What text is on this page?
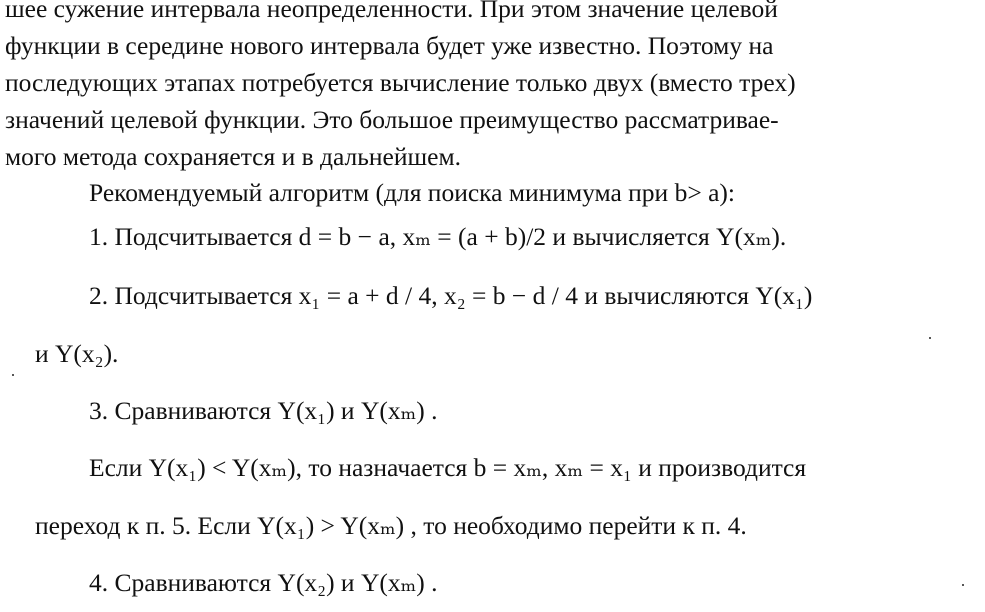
шее сужение интервала неопределенности. При этом значение целевой
функции в середине нового интервала будет уже известно. Поэтому на
последующих этапах потребуется вычисление только двух (вместо трех)
значений целевой функции. Это большое преимущество рассматривае-
мого метода сохраняется и в дальнейшем.
Рекомендуемый алгоритм (для поиска минимума при b> a):
1. Подсчитывается d = b − a, xₘ = (a + b)/2 и вычисляется Y(xₘ).
2. Подсчитывается x₁ = a + d / 4, x₂ = b − d / 4 и вычисляются Y(x₁)
и Y(x₂).
3. Сравниваются Y(x₁) и Y(xₘ) .
Если Y(x₁) < Y(xₘ), то назначается b = xₘ, xₘ = x₁ и производится
переход к п. 5. Если Y(x₁) > Y(xₘ) , то необходимо перейти к п. 4.
4. Сравниваются Y(x₂) и Y(xₘ) .
